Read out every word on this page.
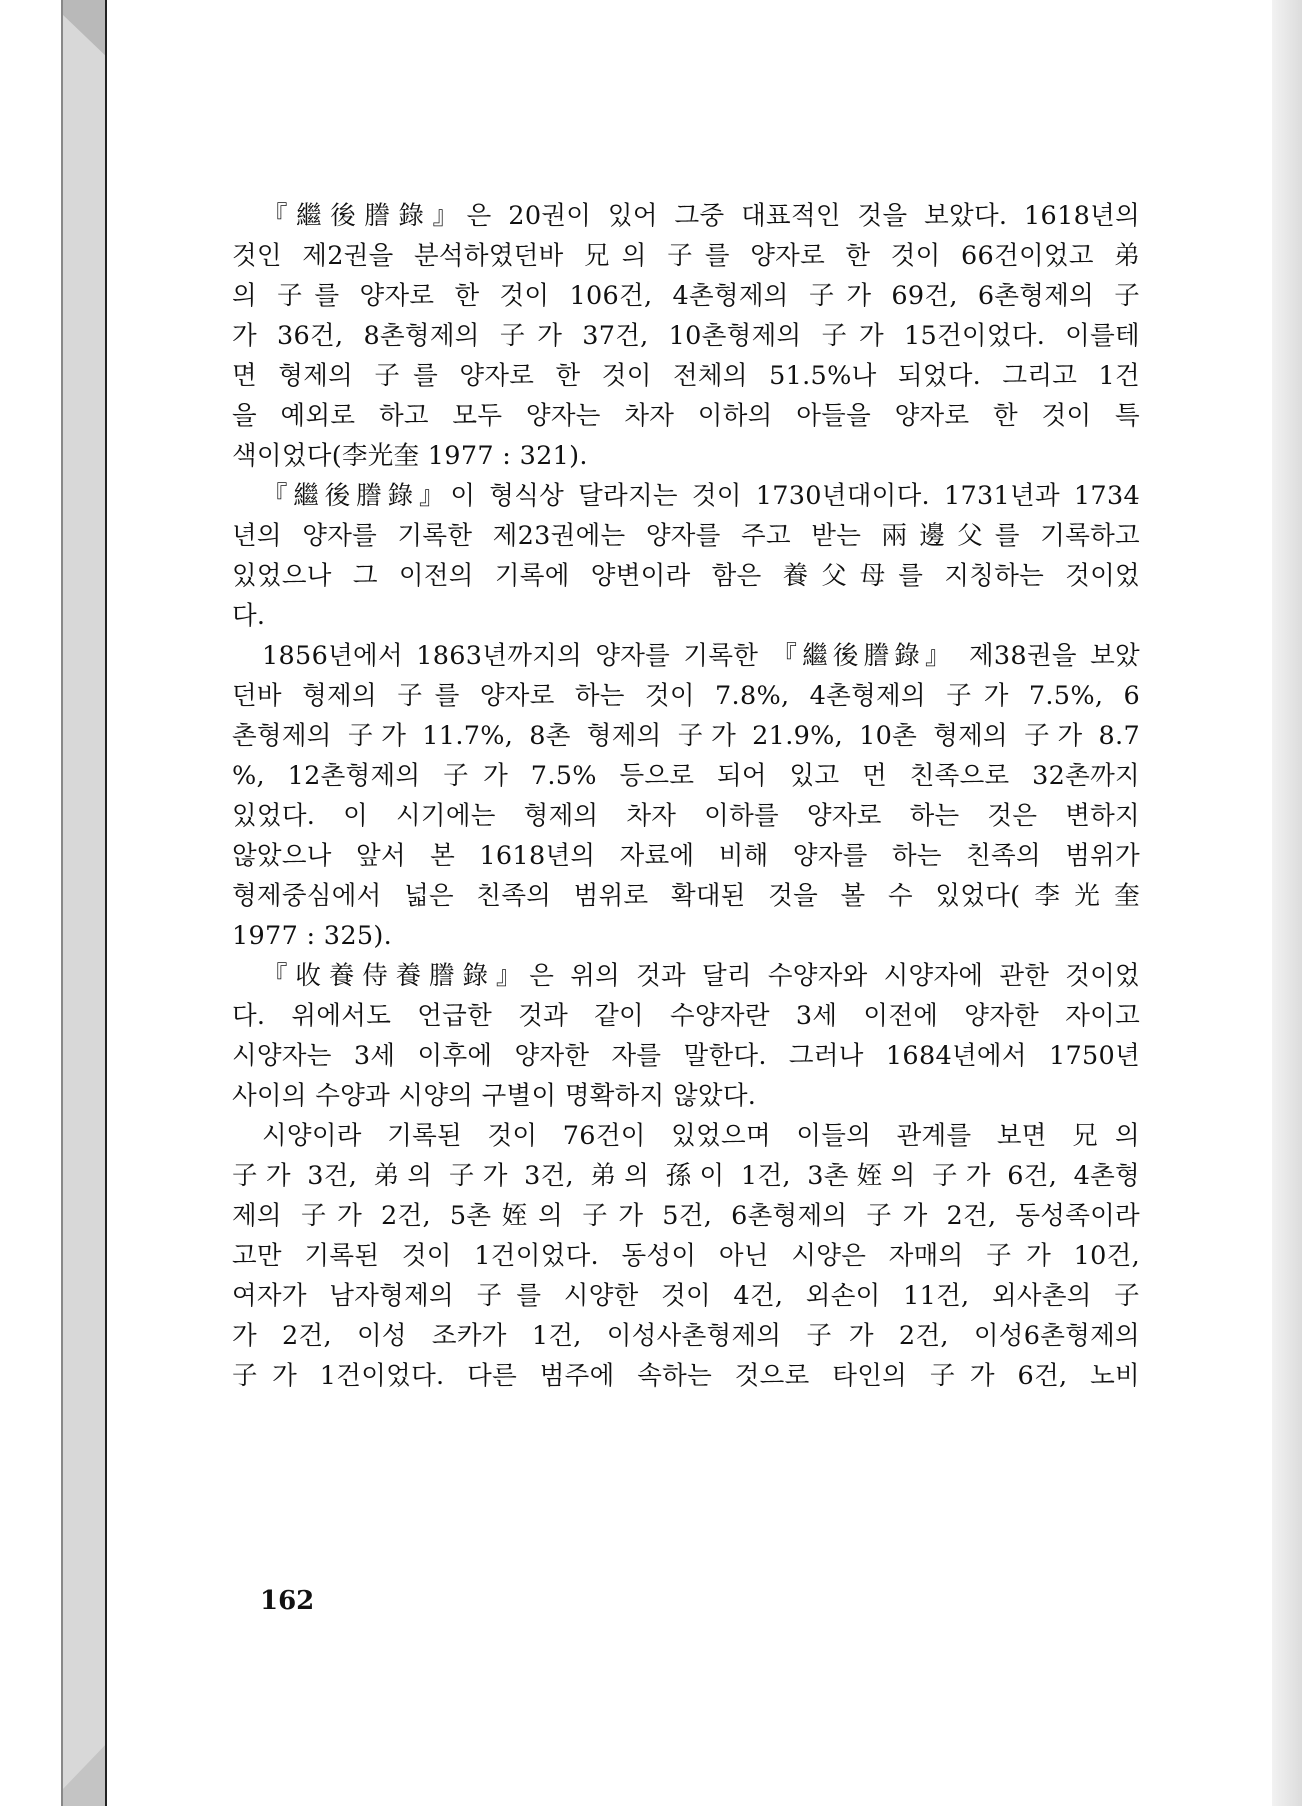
『繼後謄錄』은 20권이 있어 그중 대표적인 것을 보았다. 1618년의
것인 제2권을 분석하였던바 兄의 子를 양자로 한 것이 66건이었고 弟
의 子를 양자로 한 것이 106건, 4촌형제의 子가 69건, 6촌형제의 子
가 36건, 8촌형제의 子가 37건, 10촌형제의 子가 15건이었다. 이를테
면 형제의 子를 양자로 한 것이 전체의 51.5%나 되었다. 그리고 1건
을 예외로 하고 모두 양자는 차자 이하의 아들을 양자로 한 것이 특
색이었다(李光奎 1977 : 321).
『繼後謄錄』이 형식상 달라지는 것이 1730년대이다. 1731년과 1734
년의 양자를 기록한 제23권에는 양자를 주고 받는 兩邊父를 기록하고
있었으나 그 이전의 기록에 양변이라 함은 養父母를 지칭하는 것이었
다.
1856년에서 1863년까지의 양자를 기록한 『繼後謄錄』 제38권을 보았
던바 형제의 子를 양자로 하는 것이 7.8%, 4촌형제의 子가 7.5%, 6
촌형제의 子가 11.7%, 8촌 형제의 子가 21.9%, 10촌 형제의 子가 8.7
%, 12촌형제의 子가 7.5% 등으로 되어 있고 먼 친족으로 32촌까지
있었다. 이 시기에는 형제의 차자 이하를 양자로 하는 것은 변하지
않았으나 앞서 본 1618년의 자료에 비해 양자를 하는 친족의 범위가
형제중심에서 넓은 친족의 범위로 확대된 것을 볼 수 있었다(李光奎
1977 : 325).
『收養侍養謄錄』은 위의 것과 달리 수양자와 시양자에 관한 것이었
다. 위에서도 언급한 것과 같이 수양자란 3세 이전에 양자한 자이고
시양자는 3세 이후에 양자한 자를 말한다. 그러나 1684년에서 1750년
사이의 수양과 시양의 구별이 명확하지 않았다.
시양이라 기록된 것이 76건이 있었으며 이들의 관계를 보면 兄의
子가 3건, 弟의 子가 3건, 弟의 孫이 1건, 3촌姪의 子가 6건, 4촌형
제의 子가 2건, 5촌姪의 子가 5건, 6촌형제의 子가 2건, 동성족이라
고만 기록된 것이 1건이었다. 동성이 아닌 시양은 자매의 子가 10건,
여자가 남자형제의 子를 시양한 것이 4건, 외손이 11건, 외사촌의 子
가 2건, 이성 조카가 1건, 이성사촌형제의 子가 2건, 이성6촌형제의
子가 1건이었다. 다른 범주에 속하는 것으로 타인의 子가 6건, 노비
162
